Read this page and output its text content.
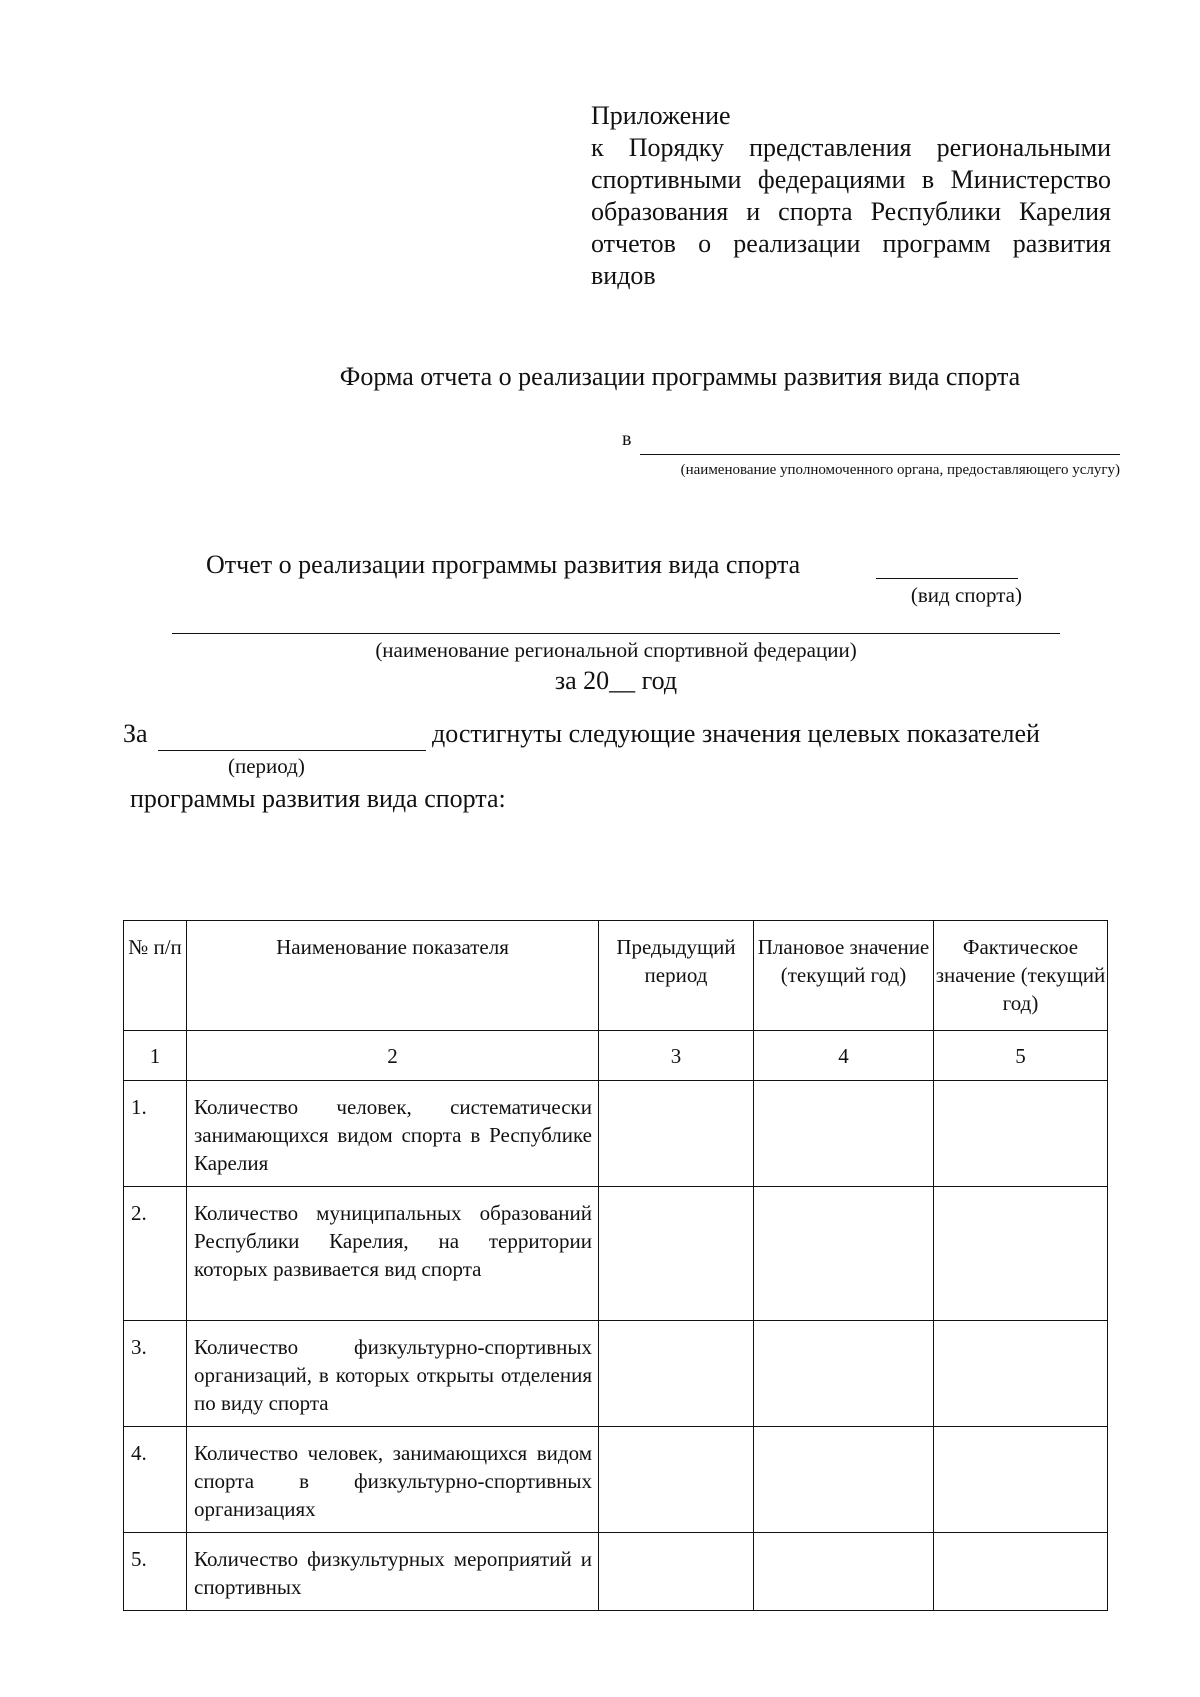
Приложение
к Порядку представления региональными спортивными федерациями в Министерство образования и спорта Республики Карелия отчетов о реализации программ развития видов
Форма отчета о реализации программы развития вида спорта
в
(наименование уполномоченного органа, предоставляющего услугу)
Отчет о реализации программы развития вида спорта
(вид спорта)
(наименование региональной спортивной федерации)
за 20__ год
За	достигнуты следующие значения целевых показателей
(период)
программы развития вида спорта:
№ п/п	Наименование показателя	Предыдущий период	Плановое значение (текущий год)	Фактическое значение (текущий год)
1	2	3	4	5
1.	Количество человек, систематически занимающихся видом спорта в Республике Карелия			
2.	Количество муниципальных образований Республики Карелия, на территории которых развивается вид спорта			
3.	Количество физкультурно-спортивных организаций, в которых открыты отделения по виду спорта			
4.	Количество человек, занимающихся видом спорта в физкультурно-спортивных организациях			
5.	Количество физкультурных мероприятий и спортивных			
